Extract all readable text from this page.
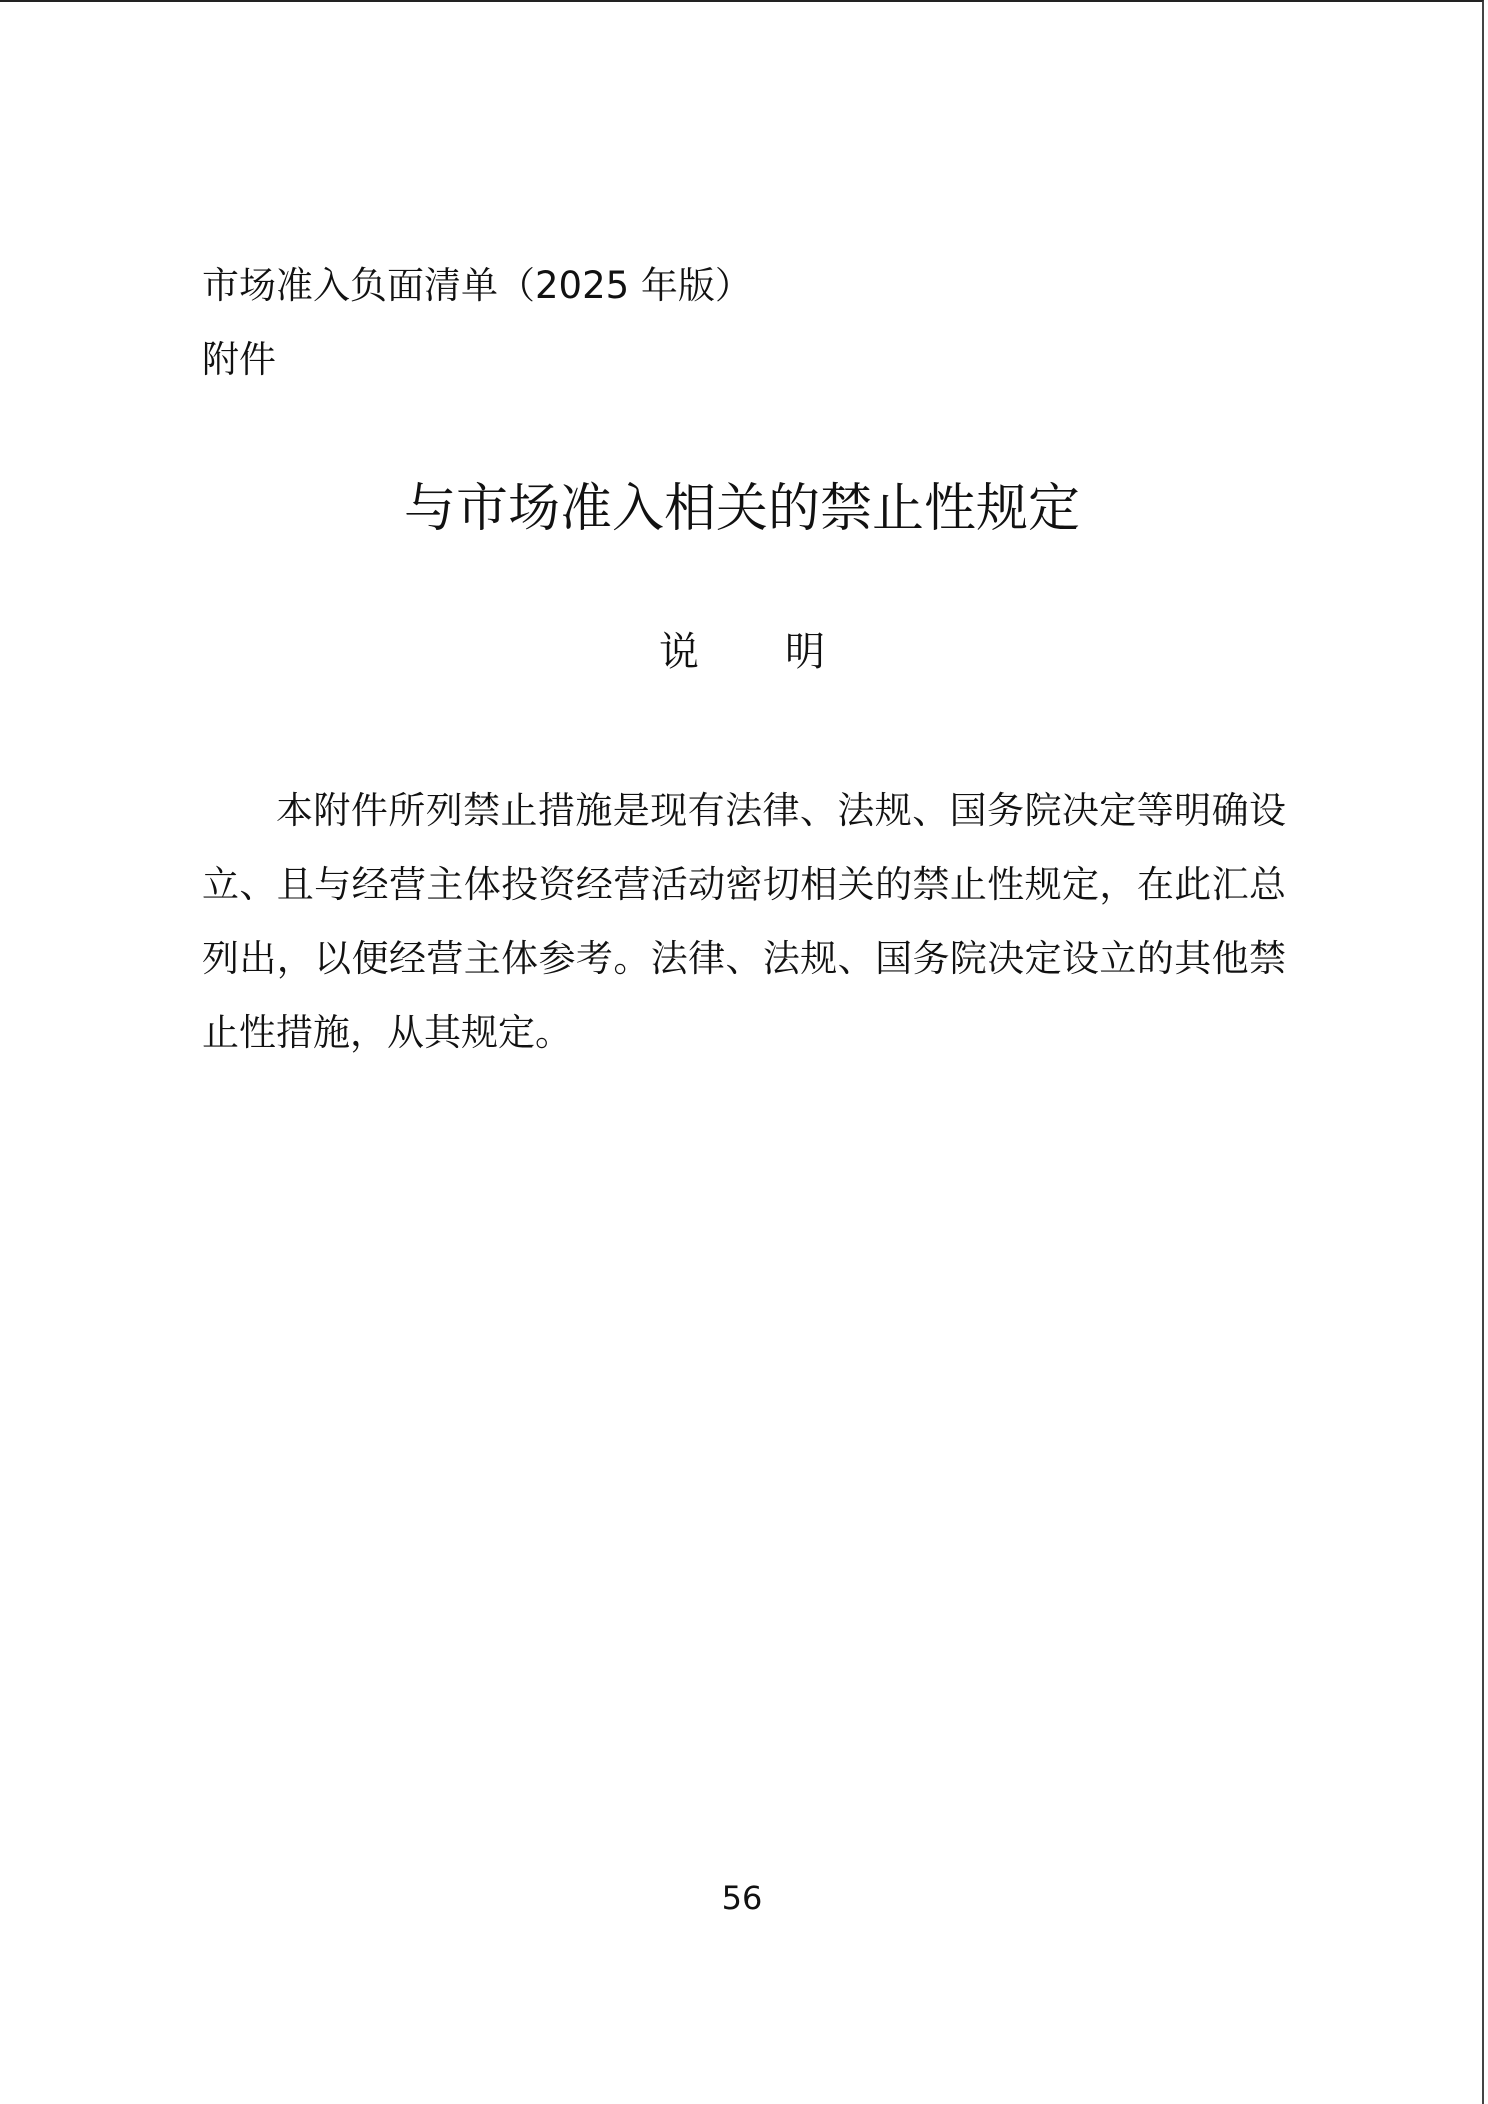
市场准入负面清单（2025 年版）
附件
与市场准入相关的禁止性规定
说 明

本附件所列禁止措施是现有法律、法规、国务院决定等明确设立、且与经营主体投资经营活动密切相关的禁止性规定，在此汇总列出，以便经营主体参考。法律、法规、国务院决定设立的其他禁止性措施，从其规定。

56
